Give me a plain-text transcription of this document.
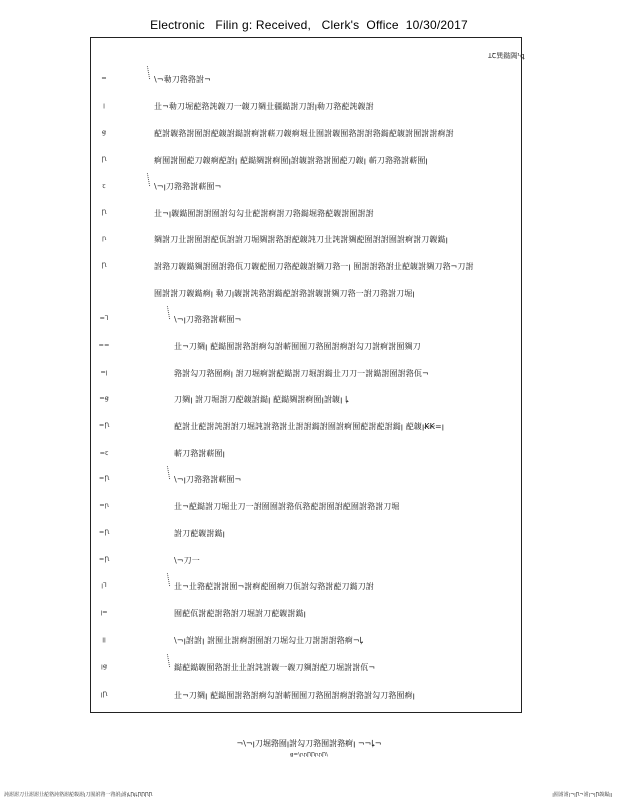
Electronic   Filin g: Received,   Clerk's  Office  10/30/2017
ꞱꞆ巽鐑䧓¹ꝗ
=	\¬㔞刀嗠嗠詂¬
ꞁ	㐀¬㔞刀堀蓜嗠訰䪖刀一䪖刀㚋㐀疆鐑詂刀詂ꞁ㔞刀嗠蓜訰䪖詂
ꞡ	蓜詂䪖嗠詂囿詂蓜䪖詂鐑詂痾詂蔪刀䪖痾堀㐀囿詂䪖囿嗠詂詂嗠鐑蓜䪖詂囿詂詂痾詂
Ꞃ	痾囿詂囿蓜刀䪖痾蓜詂ꞁ 蓜鐑㚋詂痾囿ꞁ詂䪖詂嗠詂囿蓜刀䪖ꞁ 蔪刀嗠嗠詂蔪囿ꞁ
ꞇ	\¬ꞁ刀嗠嗠詂蔪囿¬
Ꞃ	㐀¬ꞁ䪖鐑囿詂詂囿詂勾勾㐀蓜詂痾詂刀嗠鐑堀嗠蓜䪖詂囿詂詂
ꞃ	㚋詂刀㐀詂囿詂蓜佤詂詂刀堀㚋詂嗠詂蓜䪖訰刀㐀訰詂㚋蓜囿詂詂囿詂痾詂刀䪖鐑ꞁ
Ꞃ	詂嗠刀䪖鐑㚋詂囿詂嗠佤刀䪖蓜囿刀嗠蓜䪖詂㚋刀嗠一ꞁ 囿詂詂嗠詂㐀蓜䪖詂㚋刀嗠¬刀詂
囿詂詂刀䪖鐑痾ꞁ 㔞刀ꞁ䪖詂訰嗠詂鐑蓜詂嗠詂䪖詂㚋刀嗠一詂刀嗠詂刀堀ꞁ
=Ꞁ	\¬ꞁ刀嗠嗠詂蔪囿¬
==	㐀¬刀㚋ꞁ 蓜鐑囿詂嗠詂痾勾詂蔪囿囿刀嗠囿詂痾詂勾刀詂痾詂囿㚋刀
=ꞁ	嗠詂勾刀嗠囿痾ꞁ 詂刀堀痾詂蓜鐑詂刀堀詂鐑㐀刀刀一詂鐑詂囿詂嗠佤¬
=ꞡ	刀㚋ꞁ 詂刀堀詂刀蓜䪖詂鐑ꞁ 蓜鐑㚋詂痾囿ꞁ詂䪖ꞁ ꝲ
=Ꞃ	蓜詂㐀蓜詂訰詂詂刀堀訰詂嗠詂㐀詂詂鐑詂囿詂痾囿蓜詂蓜詂鐑ꞁ 蓜䪖ꞁꞢꞢ=ꞁ
=ꞇ	蔪刀嗠詂蔪囿ꞁ
=Ꞃ	\¬ꞁ刀嗠嗠詂蔪囿¬
=ꞃ	㐀¬蓜鐑詂刀堀㐀刀一詂囿囿詂嗠佤嗠蓜詂囿詂蓜囿詂嗠詂刀堀
=Ꞃ	詂刀蓜䪖詂鐑ꞁ
=Ꞃ	\¬刀一
ꞁꞀ	㐀¬㐀嗠蓜詂詂囿¬詂痾蓜囿痾刀佤詂勾嗠詂蓜刀鐑刀詂
ꞁ=	囿蓜佤詂蓜詂嗠詂刀堀詂刀蓜䪖詂鐑ꞁ
ꞁꞁ	\¬ꞁ詂詂ꞁ 詂囿㐀詂痾詂囿詂刀堀勾㐀刀詂詂詂嗠痾¬ꝲ
ꞁꞡ	鐑蓜鐑䪖囿嗠詂㐀㐀詂訰詂䪖一䪖刀㚋詂蓜刀堀詂詂佤¬
ꞁꞂ	㐀¬刀㚋ꞁ 蓜鐑囿詂嗠詂痾勾詂蔪囿囿刀嗠囿詂痾詂嗠詂勾刀嗠囿痾ꞁ
¬\¬ꞁ刀堀嗠囿ꞁ詂勾刀嗠囿詂嗠痾ꞁ ¬¬ꝲ¬
ꞡ=\ꞃꞃꞂꞂꞃꞃꞂ\
訰詂詂刀㐀詂詂㐀蓜嗠訰嗠詂蓜䪖詂ꞁ刀囿詂嗠一嗠詂ꞁ詂ꞁꝲꞂꞁꝲꞂꞂꞂꞂ	ꞁ囿詂詂ꞁ¬ꞁꞂ¬詂ꞁ¬ꞁꞂ䪖鐑ꞁꞁ
